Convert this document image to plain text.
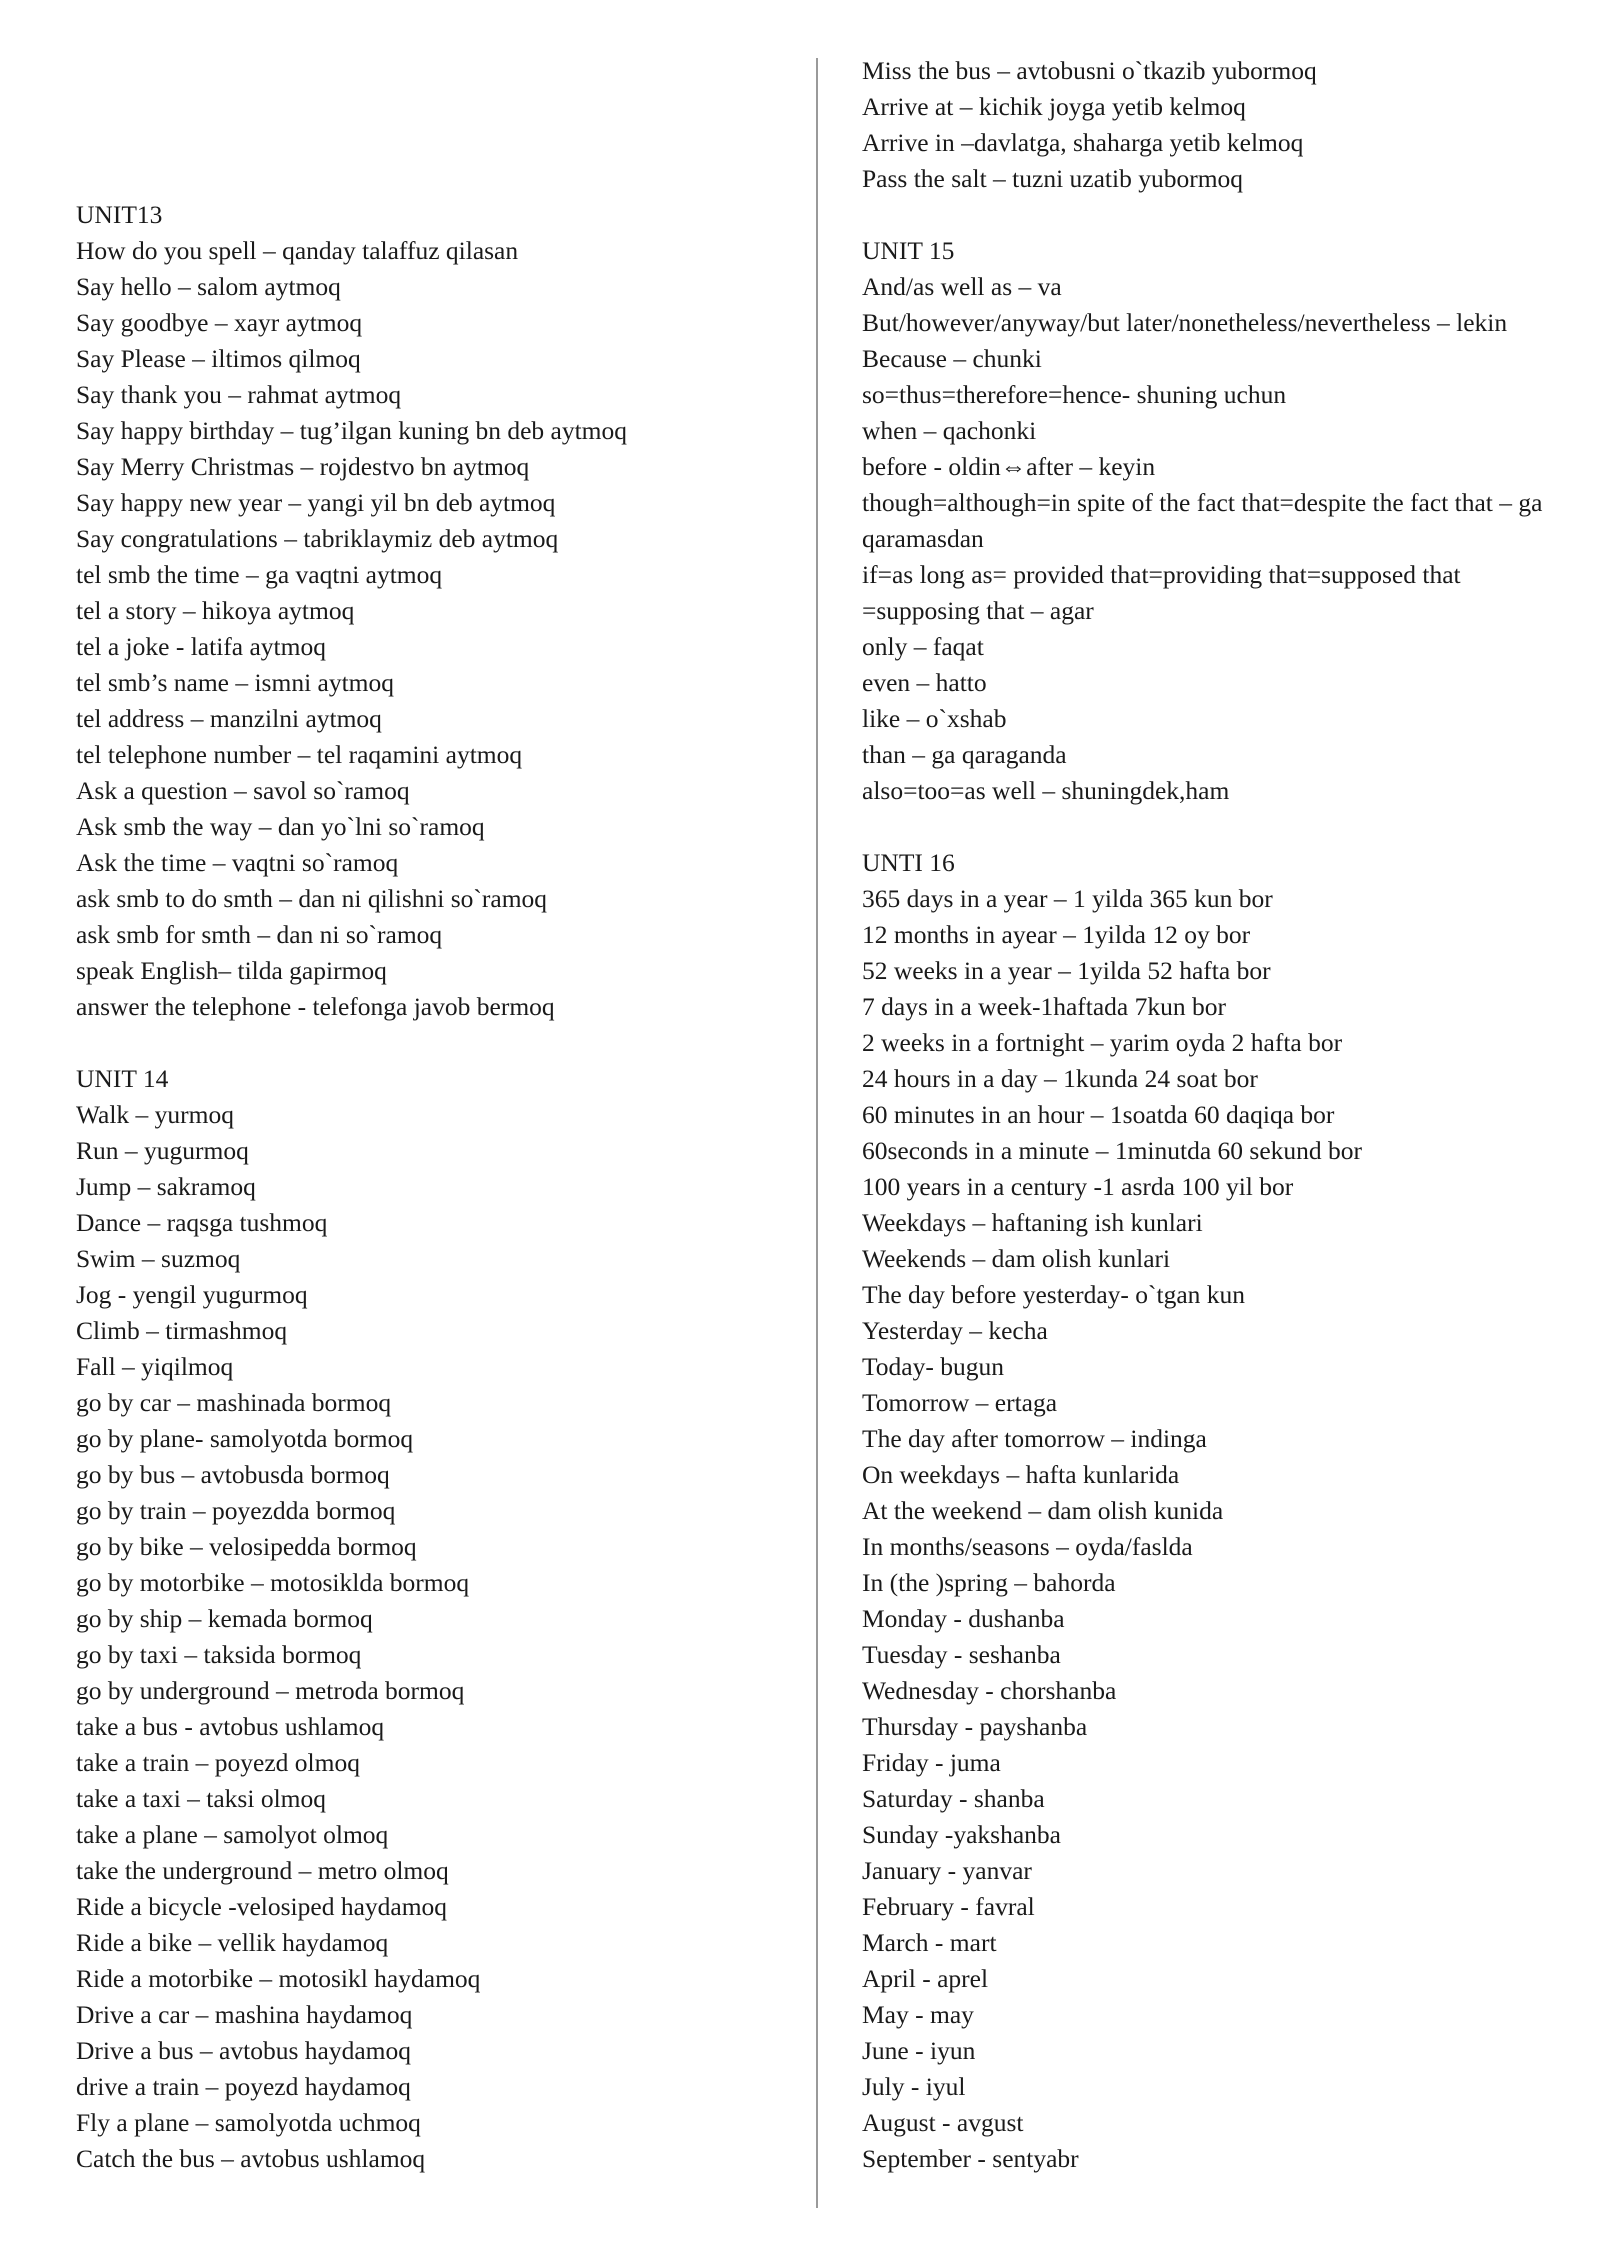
UNIT13
How do you spell – qanday talaffuz qilasan
Say hello – salom aytmoq
Say goodbye – xayr aytmoq
Say Please – iltimos qilmoq
Say thank you – rahmat aytmoq
Say happy birthday – tug’ilgan kuning bn deb aytmoq
Say Merry Christmas – rojdestvo bn aytmoq
Say happy new year – yangi yil bn deb aytmoq
Say congratulations – tabriklaymiz deb aytmoq
tel smb the time – ga vaqtni aytmoq
tel a story – hikoya aytmoq
tel a joke - latifa aytmoq
tel smb’s name – ismni aytmoq
tel address – manzilni aytmoq
tel telephone number – tel raqamini aytmoq
Ask a question – savol so`ramoq
Ask smb the way – dan yo`lni so`ramoq
Ask the time – vaqtni so`ramoq
ask smb to do smth – dan ni qilishni so`ramoq
ask smb for smth – dan ni so`ramoq
speak English– tilda gapirmoq
answer the telephone - telefonga javob bermoq
UNIT 14
Walk – yurmoq
Run – yugurmoq
Jump – sakramoq
Dance – raqsga tushmoq
Swim – suzmoq
Jog - yengil yugurmoq
Climb – tirmashmoq
Fall – yiqilmoq
go by car – mashinada bormoq
go by plane- samolyotda bormoq
go by bus – avtobusda bormoq
go by train – poyezdda bormoq
go by bike – velosipedda bormoq
go by motorbike – motosiklda bormoq
go by ship – kemada bormoq
go by taxi – taksida bormoq
go by underground – metroda bormoq
take a bus - avtobus ushlamoq
take a train – poyezd olmoq
take a taxi – taksi olmoq
take a plane – samolyot olmoq
take the underground – metro olmoq
Ride a bicycle -velosiped haydamoq
Ride a bike – vellik haydamoq
Ride a motorbike – motosikl haydamoq
Drive a car – mashina haydamoq
Drive a bus – avtobus haydamoq
drive a train – poyezd haydamoq
Fly a plane – samolyotda uchmoq
Catch the bus – avtobus ushlamoq
Miss the bus – avtobusni o`tkazib yubormoq
Arrive at – kichik joyga yetib kelmoq
Arrive in –davlatga, shaharga yetib kelmoq
Pass the salt – tuzni uzatib yubormoq
UNIT 15
And/as well as – va
But/however/anyway/but later/nonetheless/nevertheless – lekin
Because – chunki
so=thus=therefore=hence- shuning uchun
when – qachonki
before - oldin⇔after – keyin
though=although=in spite of the fact that=despite the fact that – ga qaramasdan
if=as long as= provided that=providing that=supposed that =supposing that – agar
only – faqat
even – hatto
like – o`xshab
than – ga qaraganda
also=too=as well – shuningdek,ham
UNTI 16
365 days in a year – 1 yilda 365 kun bor
12 months in ayear – 1yilda 12 oy bor
52 weeks in a year – 1yilda 52 hafta bor
7 days in a week-1haftada 7kun bor
2 weeks in a fortnight – yarim oyda 2 hafta bor
24 hours in a day – 1kunda 24 soat bor
60 minutes in an hour – 1soatda 60 daqiqa bor
60seconds in a minute – 1minutda 60 sekund bor
100 years in a century -1 asrda 100 yil bor
Weekdays – haftaning ish kunlari
Weekends – dam olish kunlari
The day before yesterday- o`tgan kun
Yesterday – kecha
Today- bugun
Tomorrow – ertaga
The day after tomorrow – indinga
On weekdays – hafta kunlarida
At the weekend – dam olish kunida
In months/seasons – oyda/faslda
In (the )spring – bahorda
Monday - dushanba
Tuesday - seshanba
Wednesday - chorshanba
Thursday - payshanba
Friday - juma
Saturday - shanba
Sunday -yakshanba
January - yanvar
February - favral
March - mart
April - aprel
May - may
June - iyun
July - iyul
August - avgust
September - sentyabr
